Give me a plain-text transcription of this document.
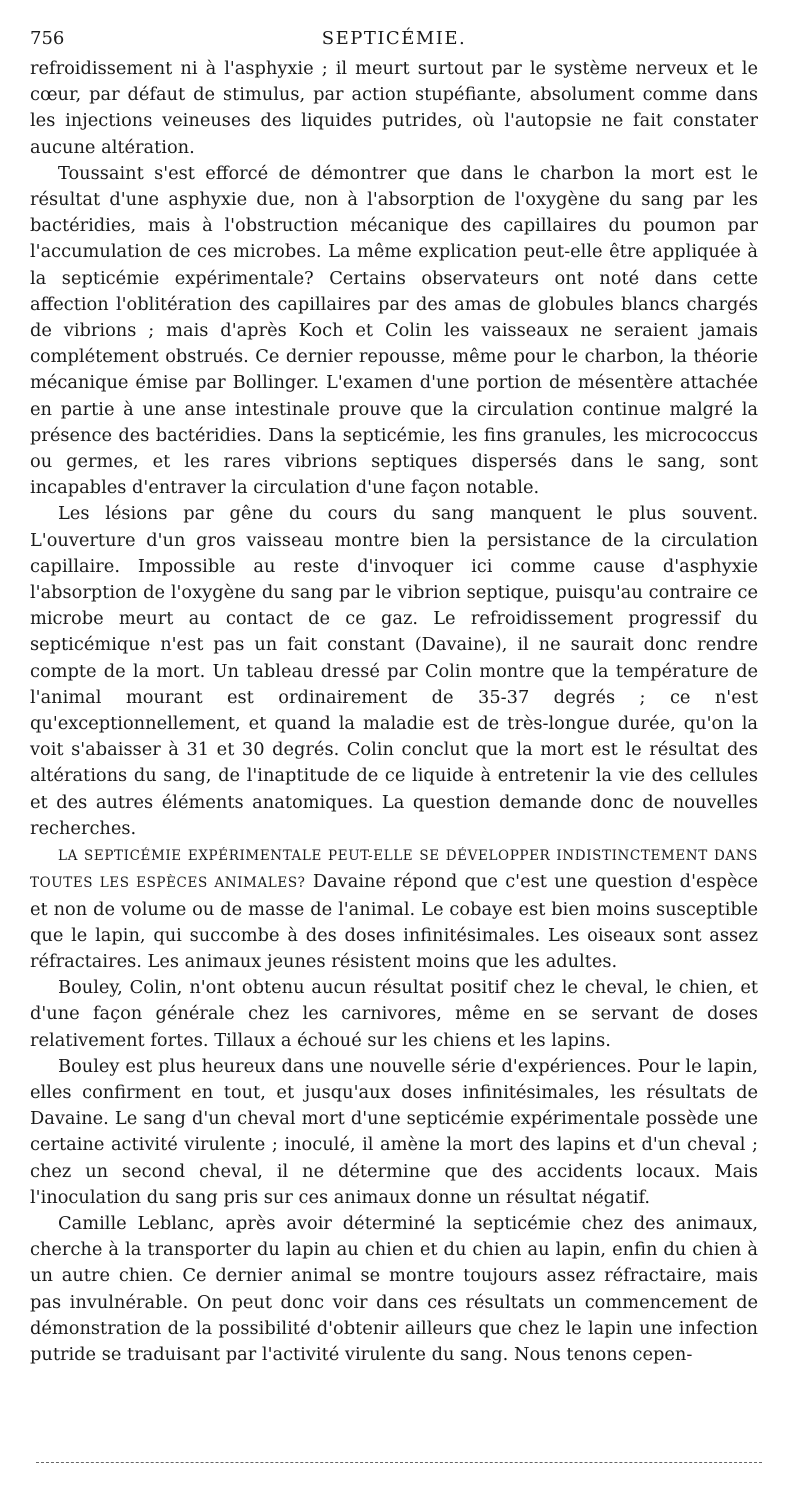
756	SEPTICÉMIE.

refroidissement ni à l'asphyxie ; il meurt surtout par le système nerveux et le cœur, par défaut de stimulus, par action stupéfiante, absolument comme dans les injections veineuses des liquides putrides, où l'autopsie ne fait constater aucune altération.

Toussaint s'est efforcé de démontrer que dans le charbon la mort est le résultat d'une asphyxie due, non à l'absorption de l'oxygène du sang par les bactéridies, mais à l'obstruction mécanique des capillaires du poumon par l'accumulation de ces microbes. La même explication peut-elle être appliquée à la septicémie expérimentale? Certains observateurs ont noté dans cette affection l'oblitération des capillaires par des amas de globules blancs chargés de vibrions ; mais d'après Koch et Colin les vaisseaux ne seraient jamais complétement obstrués. Ce dernier repousse, même pour le charbon, la théorie mécanique émise par Bollinger. L'examen d'une portion de mésentère attachée en partie à une anse intestinale prouve que la circulation continue malgré la présence des bactéridies. Dans la septicémie, les fins granules, les micrococcus ou germes, et les rares vibrions septiques dispersés dans le sang, sont incapables d'entraver la circulation d'une façon notable.

Les lésions par gêne du cours du sang manquent le plus souvent. L'ouverture d'un gros vaisseau montre bien la persistance de la circulation capillaire. Impossible au reste d'invoquer ici comme cause d'asphyxie l'absorption de l'oxygène du sang par le vibrion septique, puisqu'au contraire ce microbe meurt au contact de ce gaz. Le refroidissement progressif du septicémique n'est pas un fait constant (Davaine), il ne saurait donc rendre compte de la mort. Un tableau dressé par Colin montre que la température de l'animal mourant est ordinairement de 35-37 degrés ; ce n'est qu'exceptionnellement, et quand la maladie est de très-longue durée, qu'on la voit s'abaisser à 31 et 30 degrés. Colin conclut que la mort est le résultat des altérations du sang, de l'inaptitude de ce liquide à entretenir la vie des cellules et des autres éléments anatomiques. La question demande donc de nouvelles recherches.

LA SEPTICÉMIE EXPÉRIMENTALE PEUT-ELLE SE DÉVELOPPER INDISTINCTEMENT DANS TOUTES LES ESPÈCES ANIMALES? Davaine répond que c'est une question d'espèce et non de volume ou de masse de l'animal. Le cobaye est bien moins susceptible que le lapin, qui succombe à des doses infinitésimales. Les oiseaux sont assez réfractaires. Les animaux jeunes résistent moins que les adultes.

Bouley, Colin, n'ont obtenu aucun résultat positif chez le cheval, le chien, et d'une façon générale chez les carnivores, même en se servant de doses relativement fortes. Tillaux a échoué sur les chiens et les lapins.

Bouley est plus heureux dans une nouvelle série d'expériences. Pour le lapin, elles confirment en tout, et jusqu'aux doses infinitésimales, les résultats de Davaine. Le sang d'un cheval mort d'une septicémie expérimentale possède une certaine activité virulente ; inoculé, il amène la mort des lapins et d'un cheval ; chez un second cheval, il ne détermine que des accidents locaux. Mais l'inoculation du sang pris sur ces animaux donne un résultat négatif.

Camille Leblanc, après avoir déterminé la septicémie chez des animaux, cherche à la transporter du lapin au chien et du chien au lapin, enfin du chien à un autre chien. Ce dernier animal se montre toujours assez réfractaire, mais pas invulnérable. On peut donc voir dans ces résultats un commencement de démonstration de la possibilité d'obtenir ailleurs que chez le lapin une infection putride se traduisant par l'activité virulente du sang. Nous tenons cepen-
